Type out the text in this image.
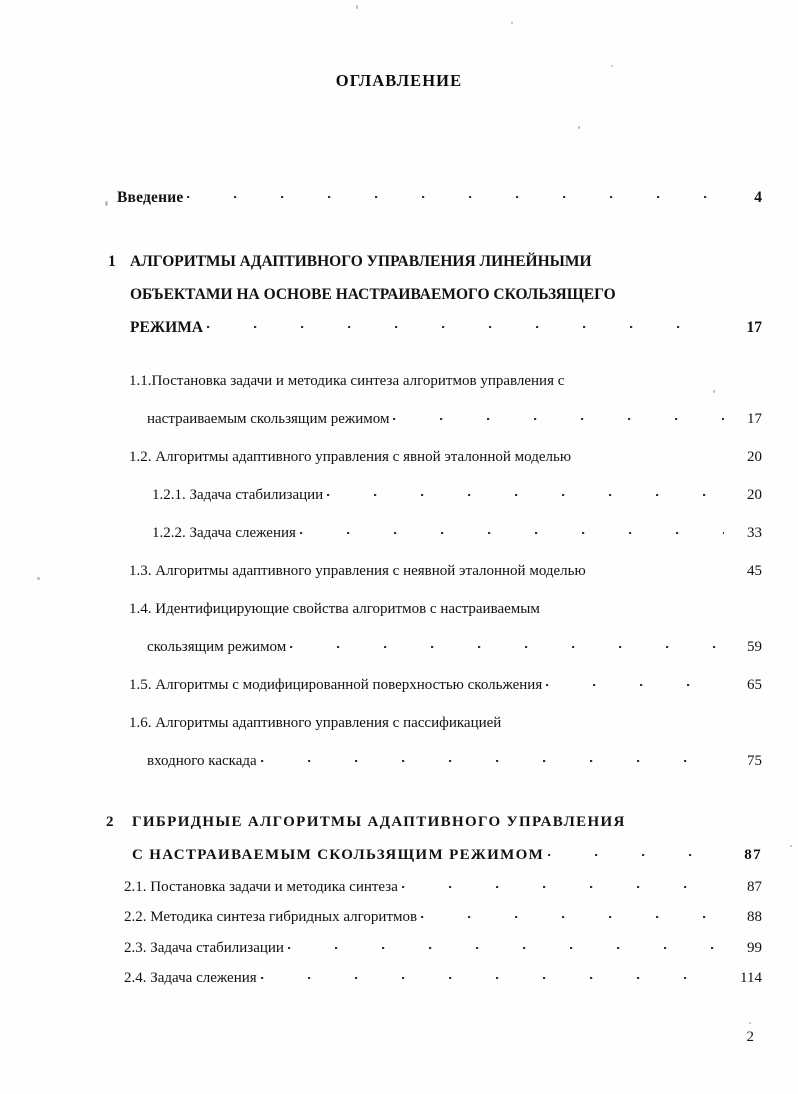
ОГЛАВЛЕНИЕ
Введение	4
1 АЛГОРИТМЫ АДАПТИВНОГО УПРАВЛЕНИЯ ЛИНЕЙНЫМИ
ОБЪЕКТАМИ НА ОСНОВЕ НАСТРАИВАЕМОГО СКОЛЬЗЯЩЕГО
РЕЖИМА	17
1.1.Постановка задачи и методика синтеза алгоритмов управления с
настраиваемым скользящим режимом	17
1.2. Алгоритмы адаптивного управления с явной эталонной моделью	20
1.2.1. Задача стабилизации	20
1.2.2. Задача слежения	33
1.3. Алгоритмы адаптивного управления с неявной эталонной моделью	45
1.4. Идентифицирующие свойства алгоритмов с настраиваемым
скользящим режимом	59
1.5. Алгоритмы с модифицированной поверхностью скольжения	65
1.6. Алгоритмы адаптивного управления с пассификацией
входного каскада	75
2	ГИБРИДНЫЕ АЛГОРИТМЫ АДАПТИВНОГО УПРАВЛЕНИЯ
С НАСТРАИВАЕМЫМ СКОЛЬЗЯЩИМ РЕЖИМОМ	87
2.1. Постановка задачи и методика синтеза	87
2.2. Методика синтеза гибридных алгоритмов	88
2.3. Задача стабилизации	99
2.4. Задача слежения	114
2
